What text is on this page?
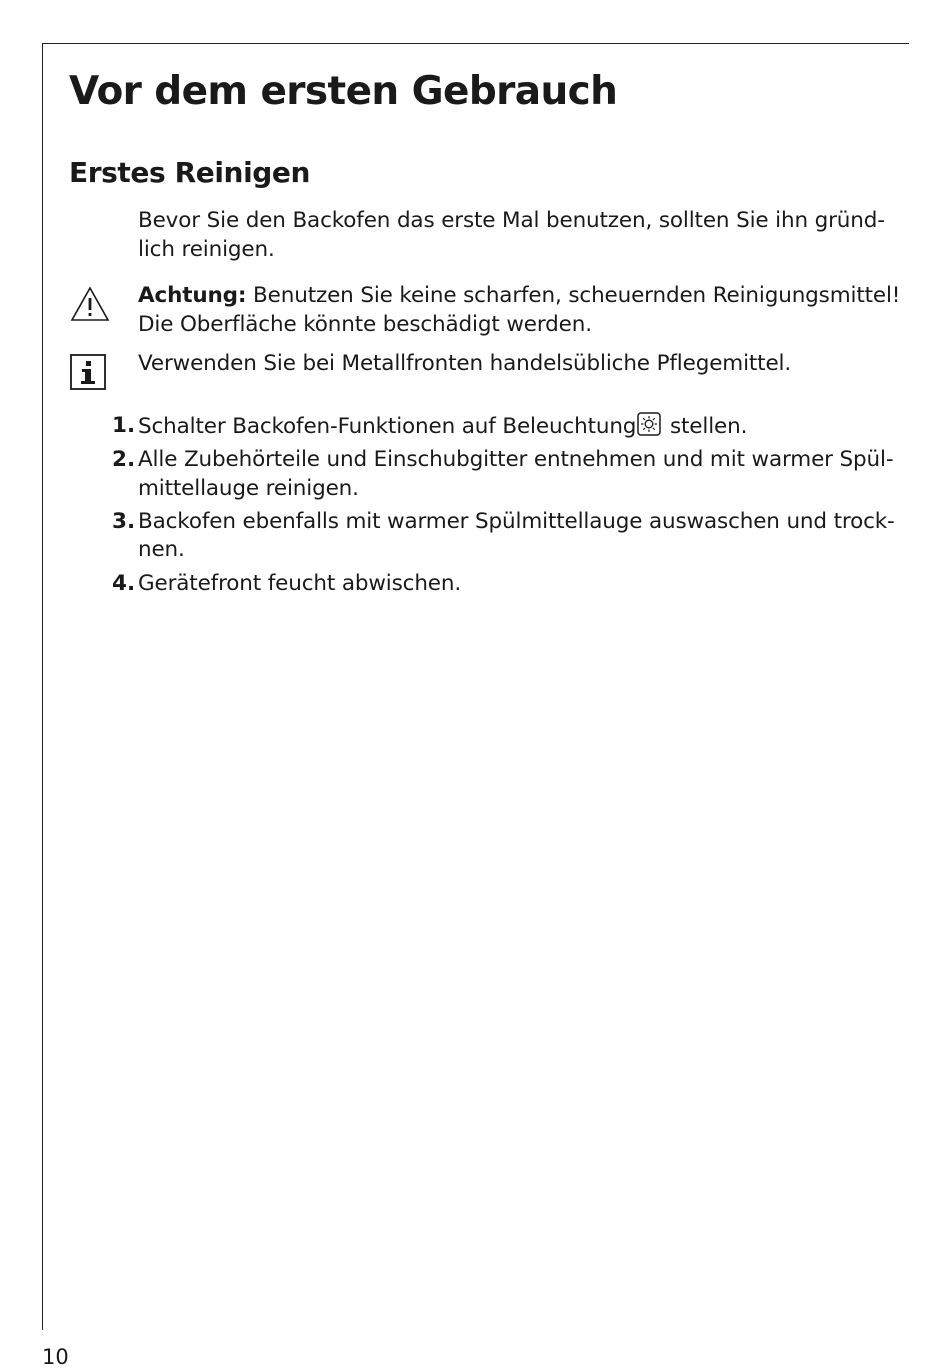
Vor dem ersten Gebrauch
Erstes Reinigen
Bevor Sie den Backofen das erste Mal benutzen, sollten Sie ihn gründ-
lich reinigen.
Achtung: Benutzen Sie keine scharfen, scheuernden Reinigungsmittel!
Die Oberfläche könnte beschädigt werden.
Verwenden Sie bei Metallfronten handelsübliche Pflegemittel.
1. Schalter Backofen-Funktionen auf Beleuchtung stellen.
2. Alle Zubehörteile und Einschubgitter entnehmen und mit warmer Spül-
mittellauge reinigen.
3. Backofen ebenfalls mit warmer Spülmittellauge auswaschen und trock-
nen.
4. Gerätefront feucht abwischen.
10
